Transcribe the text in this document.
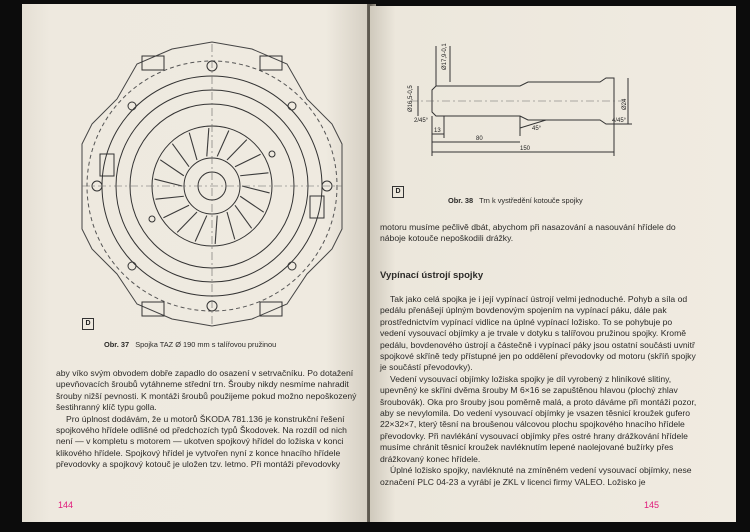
D
Obr. 37 Spojka TAZ Ø 190 mm s talířovou pružinou

aby víko svým obvodem dobře zapadlo do osazení v setrvačníku. Po dotažení upevňovacích šroubů vytáhneme střední trn. Šrouby nikdy nesmíme nahradit šrouby nižší pevnosti. K montáži šroubů použijeme pokud možno nepoškozený šestihranný klíč typu golla.

Pro úplnost dodávám, že u motorů ŠKODA 781.136 je konstrukční řešení spojkového hřídele odlišné od předchozích typů Škodovek. Na rozdíl od nich není — v kompletu s motorem — ukotven spojkový hřídel do ložiska v konci klikového hřídele. Spojkový hřídel je vytvořen nyní z konce hnacího hřídele převodovky a spojkový kotouč je uložen tzv. letmo. Při montáži převodovky

144
Ø16,5-0,5	Ø24
Ø17,9-0,1
2/45°	4/45°
45°
13
80
150
D
Obr. 38 Trn k vystředění kotouče spojky
motoru musíme pečlivě dbát, abychom při nasazování a nasouvání hřídele do náboje kotouče nepoškodili drážky.
Vypínací ústrojí spojky

Tak jako celá spojka je i její vypínací ústrojí velmi jednoduché. Pohyb a síla od pedálu přenášejí úplným bovdenovým spojením na vypínací páku, dále pak prostřednictvím vypínací vidlice na úplné vypínací ložisko. To se pohybuje po vedení vysouvací objímky a je trvale v dotyku s talířovou pružinou spojky. Kromě pedálu, bovdenového ústrojí a částečně i vypínací páky jsou ostatní součásti uvnitř spojkové skříně tedy přístupné jen po oddělení převodovky od motoru (skříň spojky je součástí převodovky).

Vedení vysouvací objímky ložiska spojky je díl vyrobený z hliníkové slitiny, upevněný ke skříni dvěma šrouby M 6×16 se zapuštěnou hlavou (plochý zhlav šroubovák). Oka pro šrouby jsou poměrně malá, a proto dáváme při montáži pozor, aby se nevylomila. Do vedení vysouvací objímky je vsazen těsnicí kroužek gufero 22×32×7, který těsní na broušenou válcovou plochu spojkového hnacího hřídele převodovky. Při navlékání vysouvací objímky přes ostré hrany drážkování hřídele musíme chránit těsnicí kroužek navléknutím lepené naolejované bužírky přes drážkovaný konec hřídele.

Úplné ložisko spojky, navléknuté na zmíněném vedení vysouvací objímky, nese označení PLC 04-23 a vyrábí je ZKL v licenci firmy VALEO. Ložisko je

145
